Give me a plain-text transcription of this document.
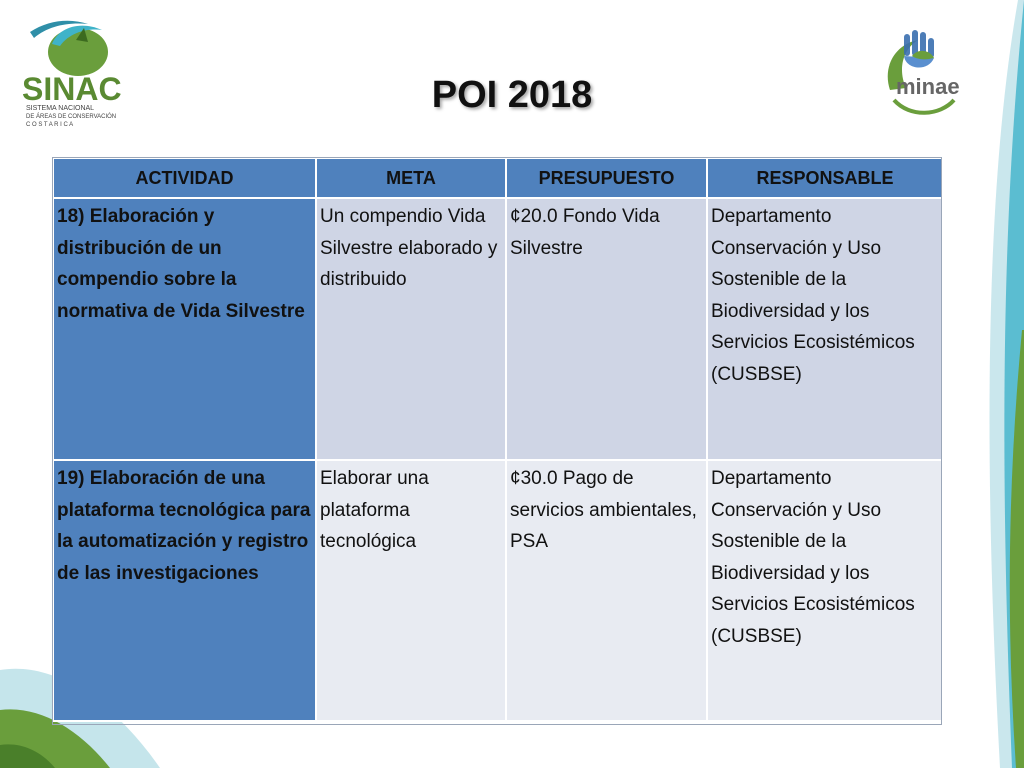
SINAC
SISTEMA NACIONAL
DE ÁREAS DE CONSERVACIÓN
C O S T A R I C A
minae
POI 2018
ACTIVIDAD	META	PRESUPUESTO	RESPONSABLE
18) Elaboración y distribución de un compendio sobre la normativa de Vida Silvestre	Un compendio Vida Silvestre elaborado y distribuido	¢20.0 Fondo Vida Silvestre	Departamento Conservación y Uso Sostenible de la Biodiversidad y los Servicios Ecosistémicos (CUSBSE)
19) Elaboración de una plataforma tecnológica para la automatización y registro de las investigaciones	Elaborar una plataforma tecnológica	¢30.0 Pago de servicios ambientales, PSA	Departamento Conservación y Uso Sostenible de la Biodiversidad y los Servicios Ecosistémicos (CUSBSE)
